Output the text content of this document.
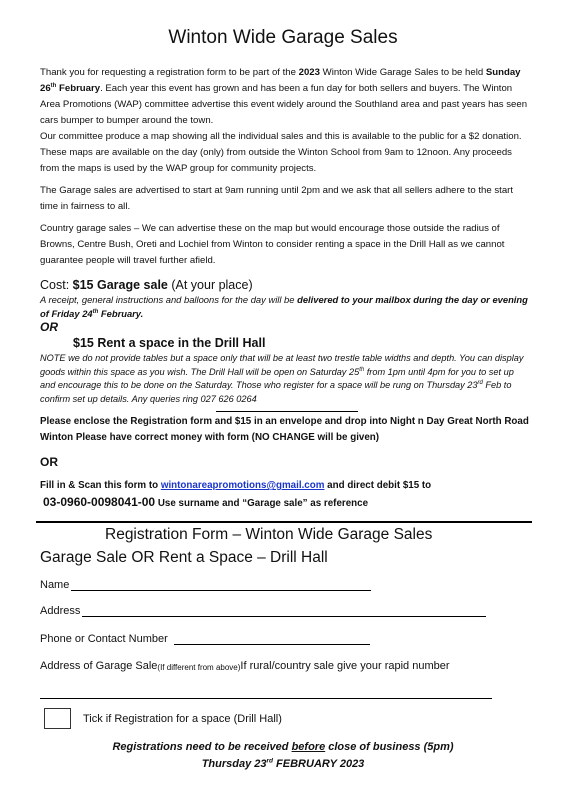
Winton Wide Garage Sales
Thank you for requesting a registration form to be part of the 2023 Winton Wide Garage Sales to be held Sunday 26th February. Each year this event has grown and has been a fun day for both sellers and buyers. The Winton Area Promotions (WAP) committee advertise this event widely around the Southland area and past years has seen cars bumper to bumper around the town.
Our committee produce a map showing all the individual sales and this is available to the public for a $2 donation. These maps are available on the day (only) from outside the Winton School from 9am to 12noon. Any proceeds from the maps is used by the WAP group for community projects.
The Garage sales are advertised to start at 9am running until 2pm and we ask that all sellers adhere to the start time in fairness to all.
Country garage sales – We can advertise these on the map but would encourage those outside the radius of Browns, Centre Bush, Oreti and Lochiel from Winton to consider renting a space in the Drill Hall as we cannot guarantee people will travel further afield.
Cost: $15 Garage sale (At your place)
A receipt, general instructions and balloons for the day will be delivered to your mailbox during the day or evening of Friday 24th February.
OR
$15 Rent a space in the Drill Hall
NOTE we do not provide tables but a space only that will be at least two trestle table widths and depth. You can display goods within this space as you wish. The Drill Hall will be open on Saturday 25th from 1pm until 4pm for you to set up and encourage this to be done on the Saturday. Those who register for a space will be rung on Thursday 23rd Feb to confirm set up details. Any queries ring 027 626 0264
Please enclose the Registration form and $15 in an envelope and drop into Night n Day Great North Road Winton Please have correct money with form (NO CHANGE will be given)
OR
Fill in & Scan this form to wintonareapromotions@gmail.com and direct debit $15 to
03-0960-0098041-00 Use surname and “Garage sale” as reference
Registration Form – Winton Wide Garage Sales
Garage Sale OR Rent a Space – Drill Hall
Name
Address
Phone or Contact Number
Address of Garage Sale (If different from above) If rural/country sale give your rapid number
Tick if Registration for a space (Drill Hall)
Registrations need to be received before close of business (5pm)
Thursday 23rd FEBRUARY 2023
